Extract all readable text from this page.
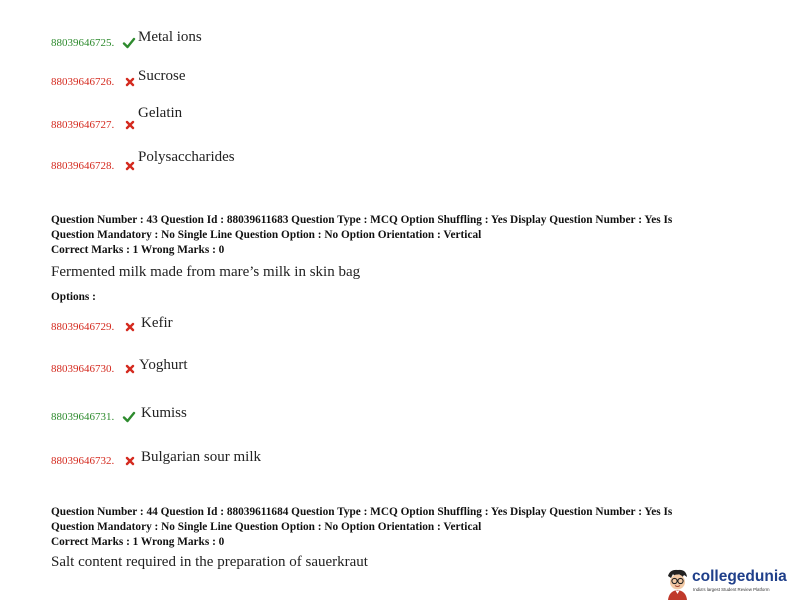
88039646725. Metal ions
88039646726. Sucrose
88039646727.
Gelatin
88039646728.
Polysaccharides
Question Number : 43 Question Id : 88039611683 Question Type : MCQ Option Shuffling : Yes Display Question Number : Yes Is
Question Mandatory : No Single Line Question Option : No Option Orientation : Vertical
Correct Marks : 1 Wrong Marks : 0
Fermented milk made from mare’s milk in skin bag
Options :
88039646729. Kefir
88039646730. Yoghurt
88039646731. Kumiss
88039646732. Bulgarian sour milk
Question Number : 44 Question Id : 88039611684 Question Type : MCQ Option Shuffling : Yes Display Question Number : Yes Is
Question Mandatory : No Single Line Question Option : No Option Orientation : Vertical
Correct Marks : 1 Wrong Marks : 0
Salt content required in the preparation of sauerkraut
collegedunia
India's largest Student Review Platform
